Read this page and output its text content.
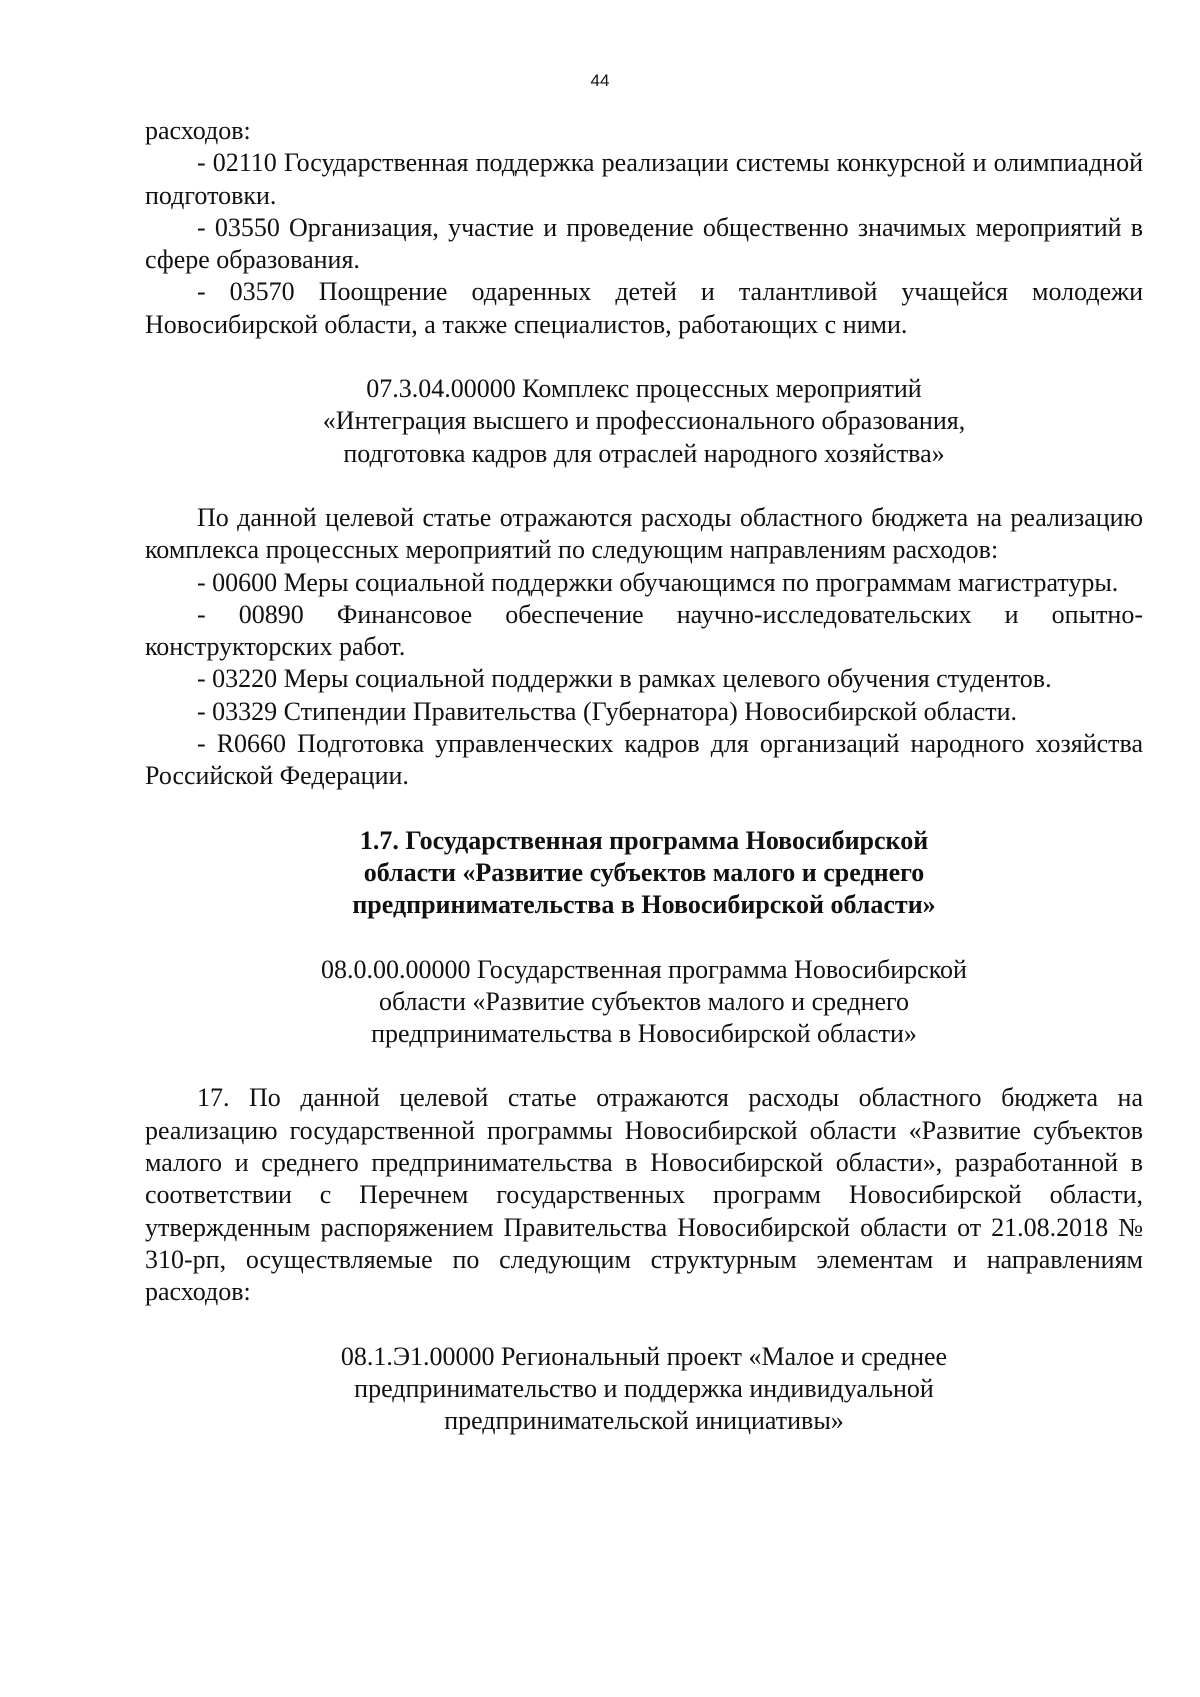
44

расходов:

- 02110 Государственная поддержка реализации системы конкурсной и олимпиадной подготовки.

- 03550 Организация, участие и проведение общественно значимых мероприятий в сфере образования.

- 03570 Поощрение одаренных детей и талантливой учащейся молодежи Новосибирской области, а также специалистов, работающих с ними.

07.3.04.00000 Комплекс процессных мероприятий
«Интеграция высшего и профессионального образования,
подготовка кадров для отраслей народного хозяйства»

По данной целевой статье отражаются расходы областного бюджета на реализацию комплекса процессных мероприятий по следующим направлениям расходов:

- 00600 Меры социальной поддержки обучающимся по программам магистратуры.

- 00890 Финансовое обеспечение научно-исследовательских и опытно-конструкторских работ.

- 03220 Меры социальной поддержки в рамках целевого обучения студентов.

- 03329 Стипендии Правительства (Губернатора) Новосибирской области.

- R0660 Подготовка управленческих кадров для организаций народного хозяйства Российской Федерации.

1.7. Государственная программа Новосибирской
области «Развитие субъектов малого и среднего
предпринимательства в Новосибирской области»
08.0.00.00000 Государственная программа Новосибирской
области «Развитие субъектов малого и среднего
предпринимательства в Новосибирской области»

17. По данной целевой статье отражаются расходы областного бюджета на реализацию государственной программы Новосибирской области «Развитие субъектов малого и среднего предпринимательства в Новосибирской области», разработанной в соответствии с Перечнем государственных программ Новосибирской области, утвержденным распоряжением Правительства Новосибирской области от 21.08.2018 № 310-рп, осуществляемые по следующим структурным элементам и направлениям расходов:

08.1.Э1.00000 Региональный проект «Малое и среднее
предпринимательство и поддержка индивидуальной
предпринимательской инициативы»
